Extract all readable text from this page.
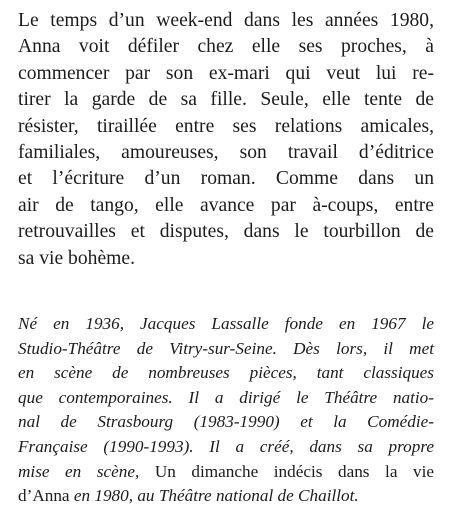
Le temps d’un week-end dans les années 1980,
Anna voit défiler chez elle ses proches, à
commencer par son ex-mari qui veut lui re-
tirer la garde de sa fille. Seule, elle tente de
résister, tiraillée entre ses relations amicales,
familiales, amoureuses, son travail d’éditrice
et l’écriture d’un roman. Comme dans un
air de tango, elle avance par à-coups, entre
retrouvailles et disputes, dans le tourbillon de
sa vie bohème.
Né en 1936, Jacques Lassalle fonde en 1967 le
Studio-Théâtre de Vitry-sur-Seine. Dès lors, il met
en scène de nombreuses pièces, tant classiques
que contemporaines. Il a dirigé le Théâtre natio-
nal de Strasbourg (1983-1990) et la Comédie-
Française (1990-1993). Il a créé, dans sa propre
mise en scène, Un dimanche indécis dans la vie
d’Anna en 1980, au Théâtre national de Chaillot.
